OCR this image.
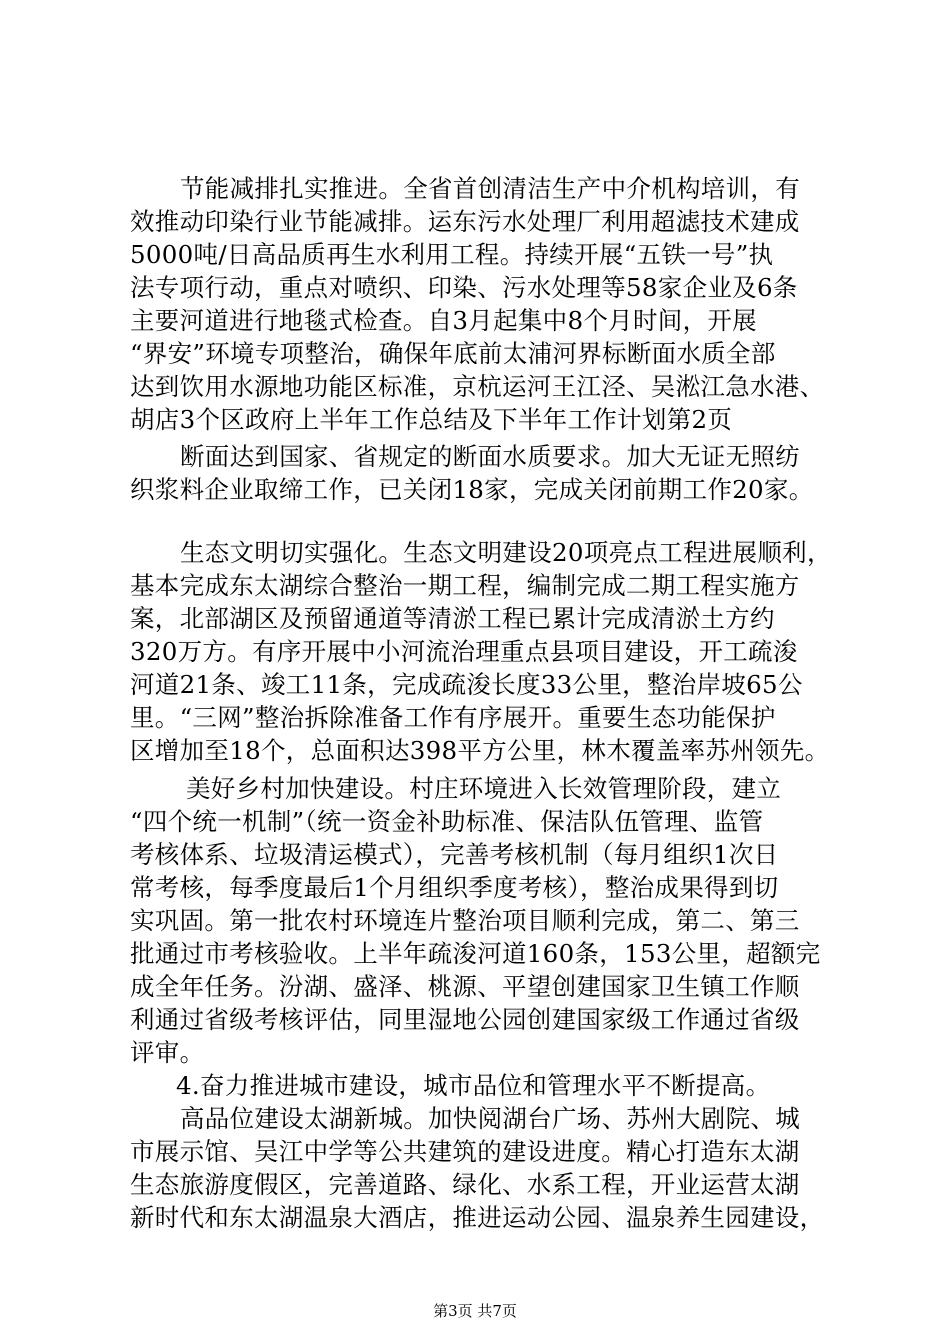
节能减排扎实推进。全省首创清洁生产中介机构培训，有
效推动印染行业节能减排。运东污水处理厂利用超滤技术建成
5000吨/日高品质再生水利用工程。持续开展“五铁一号”执
法专项行动，重点对喷织、印染、污水处理等58家企业及6条
主要河道进行地毯式检查。自3月起集中8个月时间，开展
“界安”环境专项整治，确保年底前太浦河界标断面水质全部
达到饮用水源地功能区标准，京杭运河王江泾、吴淞江急水港、
胡店3个区政府上半年工作总结及下半年工作计划第2页
断面达到国家、省规定的断面水质要求。加大无证无照纺
织浆料企业取缔工作，已关闭18家，完成关闭前期工作20家。
生态文明切实强化。生态文明建设20项亮点工程进展顺利，
基本完成东太湖综合整治一期工程，编制完成二期工程实施方
案，北部湖区及预留通道等清淤工程已累计完成清淤土方约
320万方。有序开展中小河流治理重点县项目建设，开工疏浚
河道21条、竣工11条，完成疏浚长度33公里，整治岸坡65公
里。“三网”整治拆除准备工作有序展开。重要生态功能保护
区增加至18个，总面积达398平方公里，林木覆盖率苏州领先。
美好乡村加快建设。村庄环境进入长效管理阶段，建立
“四个统一机制”（统一资金补助标准、保洁队伍管理、监管
考核体系、垃圾清运模式），完善考核机制（每月组织1次日
常考核，每季度最后1个月组织季度考核），整治成果得到切
实巩固。第一批农村环境连片整治项目顺利完成，第二、第三
批通过市考核验收。上半年疏浚河道160条，153公里，超额完
成全年任务。汾湖、盛泽、桃源、平望创建国家卫生镇工作顺
利通过省级考核评估，同里湿地公园创建国家级工作通过省级
评审。
4.奋力推进城市建设，城市品位和管理水平不断提高。
高品位建设太湖新城。加快阅湖台广场、苏州大剧院、城
市展示馆、吴江中学等公共建筑的建设进度。精心打造东太湖
生态旅游度假区，完善道路、绿化、水系工程，开业运营太湖
新时代和东太湖温泉大酒店，推进运动公园、温泉养生园建设，
第3页 共7页
